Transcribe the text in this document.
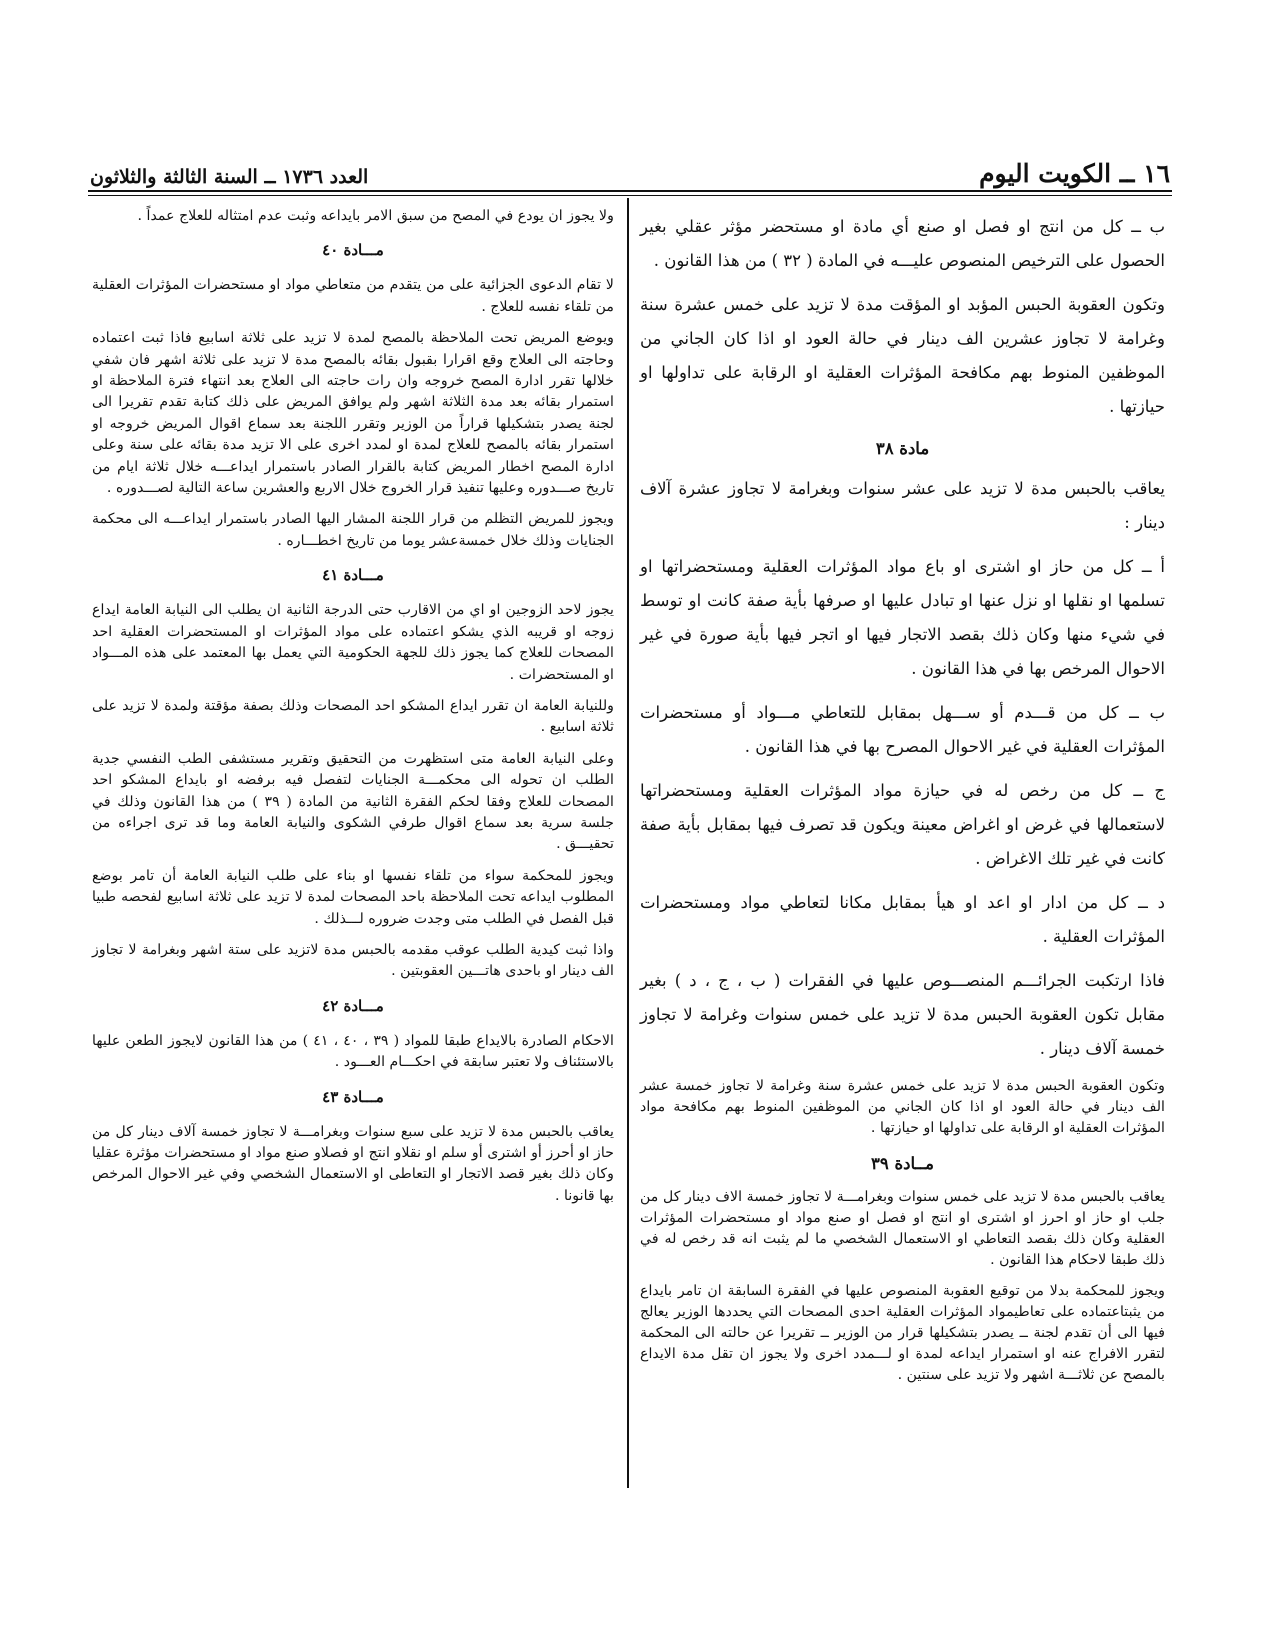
١٦ ــ الكويت اليوم
العدد ١٧٣٦ ــ السنة الثالثة والثلاثون

ب ــ كل من انتج او فصل او صنع أي مادة او مستحضر مؤثر عقلي بغير الحصول على الترخيص المنصوص عليـــه في المادة ( ٣٢ ) من هذا القانون .

وتكون العقوبة الحبس المؤبد او المؤقت مدة لا تزيد على خمس عشرة سنة وغرامة لا تجاوز عشرين الف دينار في حالة العود او اذا كان الجاني من الموظفين المنوط بهم مكافحة المؤثرات العقلية او الرقابة على تداولها او حيازتها .

مادة ٣٨

يعاقب بالحبس مدة لا تزيد على عشر سنوات وبغرامة لا تجاوز عشرة آلاف دينار :

أ ــ كل من حاز او اشترى او باع مواد المؤثرات العقلية ومستحضراتها او تسلمها او نقلها او نزل عنها او تبادل عليها او صرفها بأية صفة كانت او توسط في شيء منها وكان ذلك بقصد الاتجار فيها او اتجر فيها بأية صورة في غير الاحوال المرخص بها في هذا القانون .

ب ــ كل من قـــدم أو ســـهل بمقابل للتعاطي مـــواد أو مستحضرات المؤثرات العقلية في غير الاحوال المصرح بها في هذا القانون .

ج ــ كل من رخص له في حيازة مواد المؤثرات العقلية ومستحضراتها لاستعمالها في غرض او اغراض معينة ويكون قد تصرف فيها بمقابل بأية صفة كانت في غير تلك الاغراض .

د ــ كل من ادار او اعد او هيأ بمقابل مكانا لتعاطي مواد ومستحضرات المؤثرات العقلية .

فاذا ارتكبت الجرائـــم المنصـــوص عليها في الفقرات ( ب ، ج ، د ) بغير مقابل تكون العقوبة الحبس مدة لا تزيد على خمس سنوات وغرامة لا تجاوز خمسة آلاف دينار .

وتكون العقوبة الحبس مدة لا تزيد على خمس عشرة سنة وغرامة لا تجاوز خمسة عشر الف دينار في حالة العود او اذا كان الجاني من الموظفين المنوط بهم مكافحة مواد المؤثرات العقلية او الرقابة على تداولها او حيازتها .

مــادة ٣٩

يعاقب بالحبس مدة لا تزيد على خمس سنوات وبغرامـــة لا تجاوز خمسة الاف دينار كل من جلب او حاز او احرز او اشترى او انتج او فصل او صنع مواد او مستحضرات المؤثرات العقلية وكان ذلك بقصد التعاطي او الاستعمال الشخصي ما لم يثبت انه قد رخص له في ذلك طبقا لاحكام هذا القانون .

ويجوز للمحكمة بدلا من توقيع العقوبة المنصوص عليها في الفقرة السابقة ان تامر بايداع من يثبتاعتماده على تعاطيمواد المؤثرات العقلية احدى المصحات التي يحددها الوزير يعالج فيها الى أن تقدم لجنة ــ يصدر بتشكيلها قرار من الوزير ــ تقريرا عن حالته الى المحكمة لتقرر الافراج عنه او استمرار ايداعه لمدة او لـــمدد اخرى ولا يجوز ان تقل مدة الايداع بالمصح عن ثلاثـــة اشهر ولا تزيد على سنتين .

ولا يجوز ان يودع في المصح من سبق الامر بايداعه وثبت عدم امتثاله للعلاج عمداً .

مـــادة ٤٠

لا تقام الدعوى الجزائية على من يتقدم من متعاطي مواد او مستحضرات المؤثرات العقلية من تلقاء نفسه للعلاج .

ويوضع المريض تحت الملاحظة بالمصح لمدة لا تزيد على ثلاثة اسابيع فاذا ثبت اعتماده وحاجته الى العلاج وقع اقرارا بقبول بقائه بالمصح مدة لا تزيد على ثلاثة اشهر فان شفي خلالها تقرر ادارة المصح خروجه وان رات حاجته الى العلاج بعد انتهاء فترة الملاحظة او استمرار بقائه بعد مدة الثلاثة اشهر ولم يوافق المريض على ذلك كتابة تقدم تقريرا الى لجنة يصدر بتشكيلها قراراً من الوزير وتقرر اللجنة بعد سماع اقوال المريض خروجه او استمرار بقائه بالمصح للعلاج لمدة او لمدد اخرى على الا تزيد مدة بقائه على سنة وعلى ادارة المصح اخطار المريض كتابة بالقرار الصادر باستمرار ايداعـــه خلال ثلاثة ايام من تاريخ صـــدوره وعليها تنفيذ قرار الخروج خلال الاربع والعشرين ساعة التالية لصـــدوره .

ويجوز للمريض التظلم من قرار اللجنة المشار اليها الصادر باستمرار ايداعـــه الى محكمة الجنايات وذلك خلال خمسةعشر يوما من تاريخ اخطـــاره .

مـــادة ٤١

يجوز لاحد الزوجين او اي من الاقارب حتى الدرجة الثانية ان يطلب الى النيابة العامة ايداع زوجه او قريبه الذي يشكو اعتماده على مواد المؤثرات او المستحضرات العقلية احد المصحات للعلاج كما يجوز ذلك للجهة الحكومية التي يعمل بها المعتمد على هذه المـــواد او المستحضرات .

وللنيابة العامة ان تقرر ايداع المشكو احد المصحات وذلك بصفة مؤقتة ولمدة لا تزيد على ثلاثة اسابيع .

وعلى النيابة العامة متى استظهرت من التحقيق وتقرير مستشفى الطب النفسي جدية الطلب ان تحوله الى محكمـــة الجنايات لتفصل فيه برفضه او بايداع المشكو احد المصحات للعلاج وفقا لحكم الفقرة الثانية من المادة ( ٣٩ ) من هذا القانون وذلك في جلسة سرية بعد سماع اقوال طرفي الشكوى والنيابة العامة وما قد ترى اجراءه من تحقيـــق .

ويجوز للمحكمة سواء من تلقاء نفسها او بناء على طلب النيابة العامة أن تامر بوضع المطلوب ايداعه تحت الملاحظة باحد المصحات لمدة لا تزيد على ثلاثة اسابيع لفحصه طبيا قبل الفصل في الطلب متى وجدت ضروره لـــذلك .

واذا ثبت كيدية الطلب عوقب مقدمه بالحبس مدة لاتزيد على ستة اشهر وبغرامة لا تجاوز الف دينار او باحدى هاتـــين العقوبتين .

مـــادة ٤٢

الاحكام الصادرة بالايداع طبقا للمواد ( ٣٩ ، ٤٠ ، ٤١ ) من هذا القانون لايجوز الطعن عليها بالاستئناف ولا تعتبر سابقة في احكـــام العـــود .

مـــادة ٤٣

يعاقب بالحبس مدة لا تزيد على سبع سنوات وبغرامـــة لا تجاوز خمسة آلاف دينار كل من حاز او أحرز أو اشترى أو سلم او نقلاو انتج او فصلاو صنع مواد او مستحضرات مؤثرة عقليا وكان ذلك بغير قصد الاتجار او التعاطى او الاستعمال الشخصي وفي غير الاحوال المرخص بها قانونا .
